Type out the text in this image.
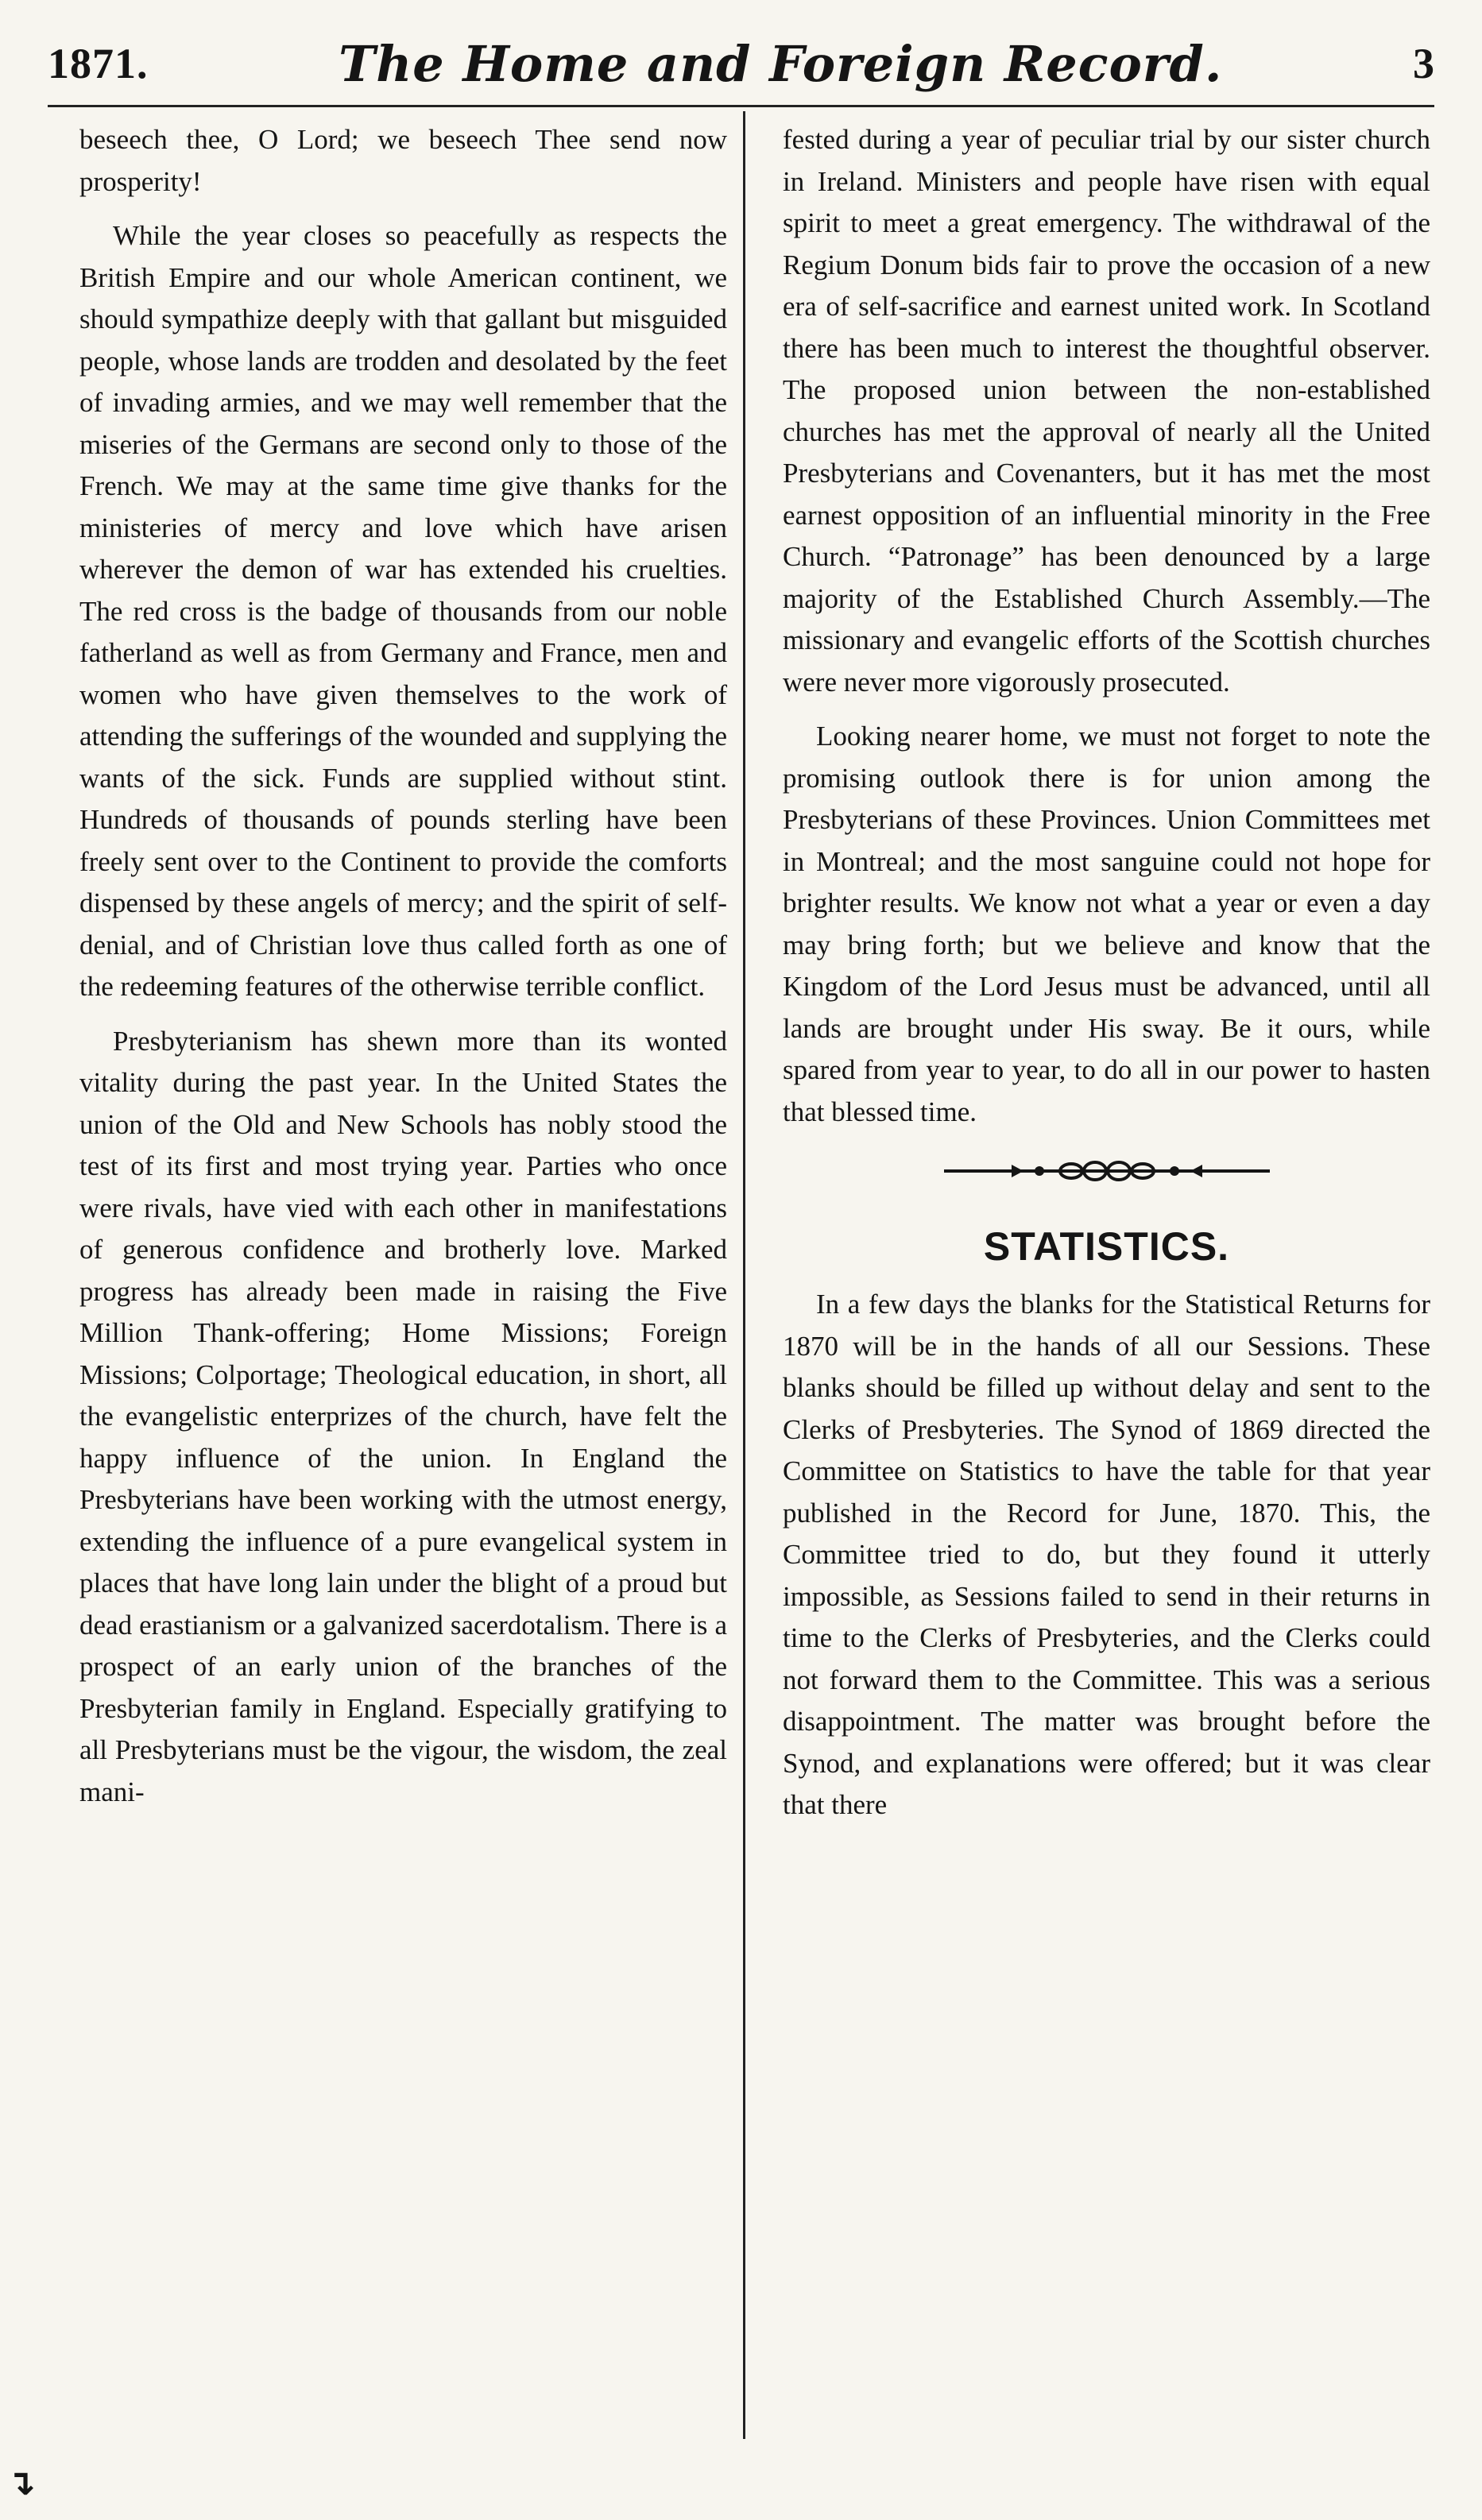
1871.	The Home and Foreign Record.	3

beseech thee, O Lord; we beseech Thee send now prosperity!

While the year closes so peacefully as respects the British Empire and our whole American continent, we should sympathize deeply with that gallant but misguided people, whose lands are trodden and desolated by the feet of invading armies, and we may well remember that the miseries of the Germans are second only to those of the French. We may at the same time give thanks for the ministeries of mercy and love which have arisen wherever the demon of war has extended his cruelties. The red cross is the badge of thousands from our noble fatherland as well as from Germany and France, men and women who have given themselves to the work of attending the sufferings of the wounded and supplying the wants of the sick. Funds are supplied without stint. Hundreds of thousands of pounds sterling have been freely sent over to the Continent to provide the comforts dispensed by these angels of mercy; and the spirit of self-denial, and of Christian love thus called forth as one of the redeeming features of the otherwise terrible conflict.

Presbyterianism has shewn more than its wonted vitality during the past year. In the United States the union of the Old and New Schools has nobly stood the test of its first and most trying year. Parties who once were rivals, have vied with each other in manifestations of generous confidence and brotherly love. Marked progress has already been made in raising the Five Million Thank-offering; Home Missions; Foreign Missions; Colportage; Theological education, in short, all the evangelistic enterprizes of the church, have felt the happy influence of the union. In England the Presbyterians have been working with the utmost energy, extending the influence of a pure evangelical system in places that have long lain under the blight of a proud but dead erastianism or a galvanized sacerdotalism. There is a prospect of an early union of the branches of the Presbyterian family in England. Especially gratifying to all Presbyterians must be the vigour, the wisdom, the zeal mani-

fested during a year of peculiar trial by our sister church in Ireland. Ministers and people have risen with equal spirit to meet a great emergency. The withdrawal of the Regium Donum bids fair to prove the occasion of a new era of self-sacrifice and earnest united work. In Scotland there has been much to interest the thoughtful observer. The proposed union between the non-established churches has met the approval of nearly all the United Presbyterians and Covenanters, but it has met the most earnest opposition of an influential minority in the Free Church. “Patronage” has been denounced by a large majority of the Established Church Assembly.—The missionary and evangelic efforts of the Scottish churches were never more vigorously prosecuted.

Looking nearer home, we must not forget to note the promising outlook there is for union among the Presbyterians of these Provinces. Union Committees met in Montreal; and the most sanguine could not hope for brighter results. We know not what a year or even a day may bring forth; but we believe and know that the Kingdom of the Lord Jesus must be advanced, until all lands are brought under His sway. Be it ours, while spared from year to year, to do all in our power to hasten that blessed time.

STATISTICS.

In a few days the blanks for the Statistical Returns for 1870 will be in the hands of all our Sessions. These blanks should be filled up without delay and sent to the Clerks of Presbyteries. The Synod of 1869 directed the Committee on Statistics to have the table for that year published in the Record for June, 1870. This, the Committee tried to do, but they found it utterly impossible, as Sessions failed to send in their returns in time to the Clerks of Presbyteries, and the Clerks could not forward them to the Committee. This was a serious disappointment. The matter was brought before the Synod, and explanations were offered; but it was clear that there

↴
